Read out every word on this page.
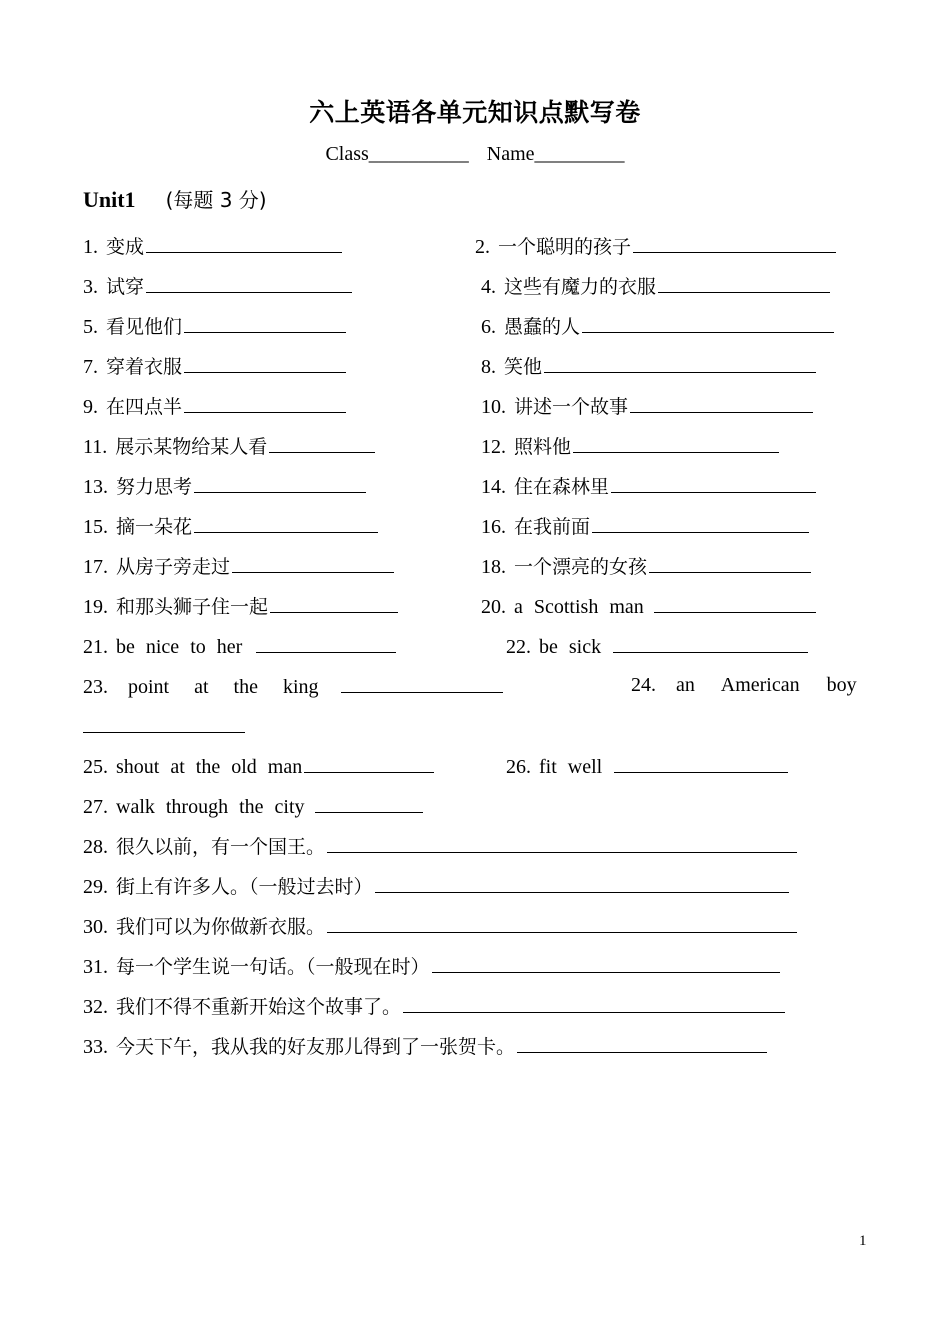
六上英语各单元知识点默写卷
Class__________ Name_________
Unit1 (每题 3 分)
1. 变成	2. 一个聪明的孩子
3. 试穿	4. 这些有魔力的衣服
5. 看见他们	6. 愚蠢的人
7. 穿着衣服	8. 笑他
9. 在四点半	10. 讲述一个故事
11. 展示某物给某人看	12. 照料他
13. 努力思考	14. 住在森林里
15. 摘一朵花	16. 在我前面
17. 从房子旁走过	18. 一个漂亮的女孩
19. 和那头狮子住一起	20. a Scottish man
21. be nice to her	22. be sick
23. point at the king	24. an American boy
25. shout at the old man	26. fit well
27. walk through the city
28. 很久以前，有一个国王。
29. 街上有许多人。（一般过去时）
30. 我们可以为你做新衣服。
31. 每一个学生说一句话。（一般现在时）
32. 我们不得不重新开始这个故事了。
33. 今天下午，我从我的好友那儿得到了一张贺卡。
1
